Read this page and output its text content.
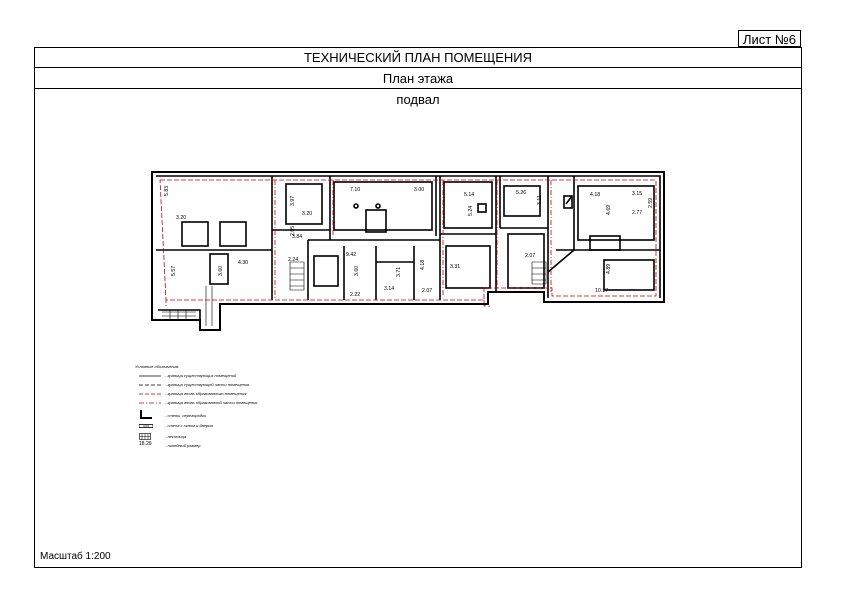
Лист №6
ТЕХНИЧЕСКИЙ ПЛАН ПОМЕЩЕНИЯ
План этажа
подвал
5.83
3.20
5.57	3.60
4.30
3.97
3.20
2.05
3.84
2.24
7.10	3.00
9.42
3.60	3.71
2.22
3.14
4.18
2.07
5.14
5.24
3.31
5.26
3.11
2.07
4.18	3.15
4.69	2.77
2.59
4.89
10.17
Условные обозначения:
- граница существующих помещений
- граница существующей части помещения
- граница вновь образованного помещения
- граница вновь образованной части помещения
- стены, перегородки
- стена с окном и дверью
- лестница
18.29	- линейный размер
Масштаб 1:200
